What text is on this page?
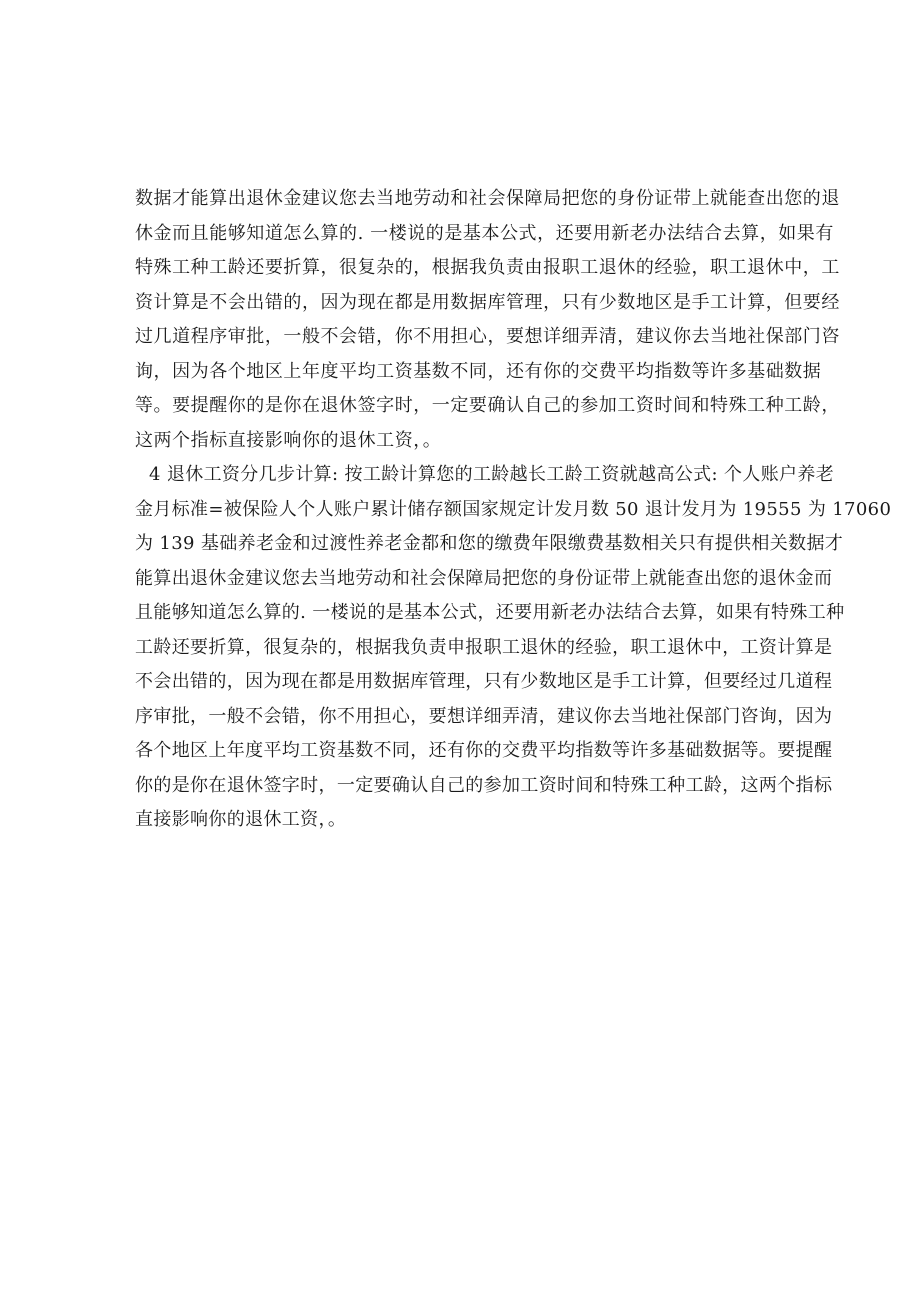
数据才能算出退休金建议您去当地劳动和社会保障局把您的身份证带上就能查出您的退
休金而且能够知道怎么算的. 一楼说的是基本公式，还要用新老办法结合去算，如果有
特殊工种工龄还要折算，很复杂的，根据我负责由报职工退休的经验，职工退休中，工
资计算是不会出错的，因为现在都是用数据库管理，只有少数地区是手工计算，但要经
过几道程序审批，一般不会错，你不用担心，要想详细弄清，建议你去当地社保部门咨
询，因为各个地区上年度平均工资基数不同，还有你的交费平均指数等许多基础数据
等。要提醒你的是你在退休签字时，一定要确认自己的参加工资时间和特殊工种工龄，
这两个指标直接影响你的退休工资，。
4 退休工资分几步计算: 按工龄计算您的工龄越长工龄工资就越高公式: 个人账户养老
金月标准=被保险人个人账户累计储存额国家规定计发月数 50 退计发月为 19555 为 17060
为 139 基础养老金和过渡性养老金都和您的缴费年限缴费基数相关只有提供相关数据才
能算出退休金建议您去当地劳动和社会保障局把您的身份证带上就能查出您的退休金而
且能够知道怎么算的. 一楼说的是基本公式，还要用新老办法结合去算，如果有特殊工种
工龄还要折算，很复杂的，根据我负责申报职工退休的经验，职工退休中，工资计算是
不会出错的，因为现在都是用数据库管理，只有少数地区是手工计算，但要经过几道程
序审批，一般不会错，你不用担心，要想详细弄清，建议你去当地社保部门咨询，因为
各个地区上年度平均工资基数不同，还有你的交费平均指数等许多基础数据等。要提醒
你的是你在退休签字时，一定要确认自己的参加工资时间和特殊工种工龄，这两个指标
直接影响你的退休工资，。
